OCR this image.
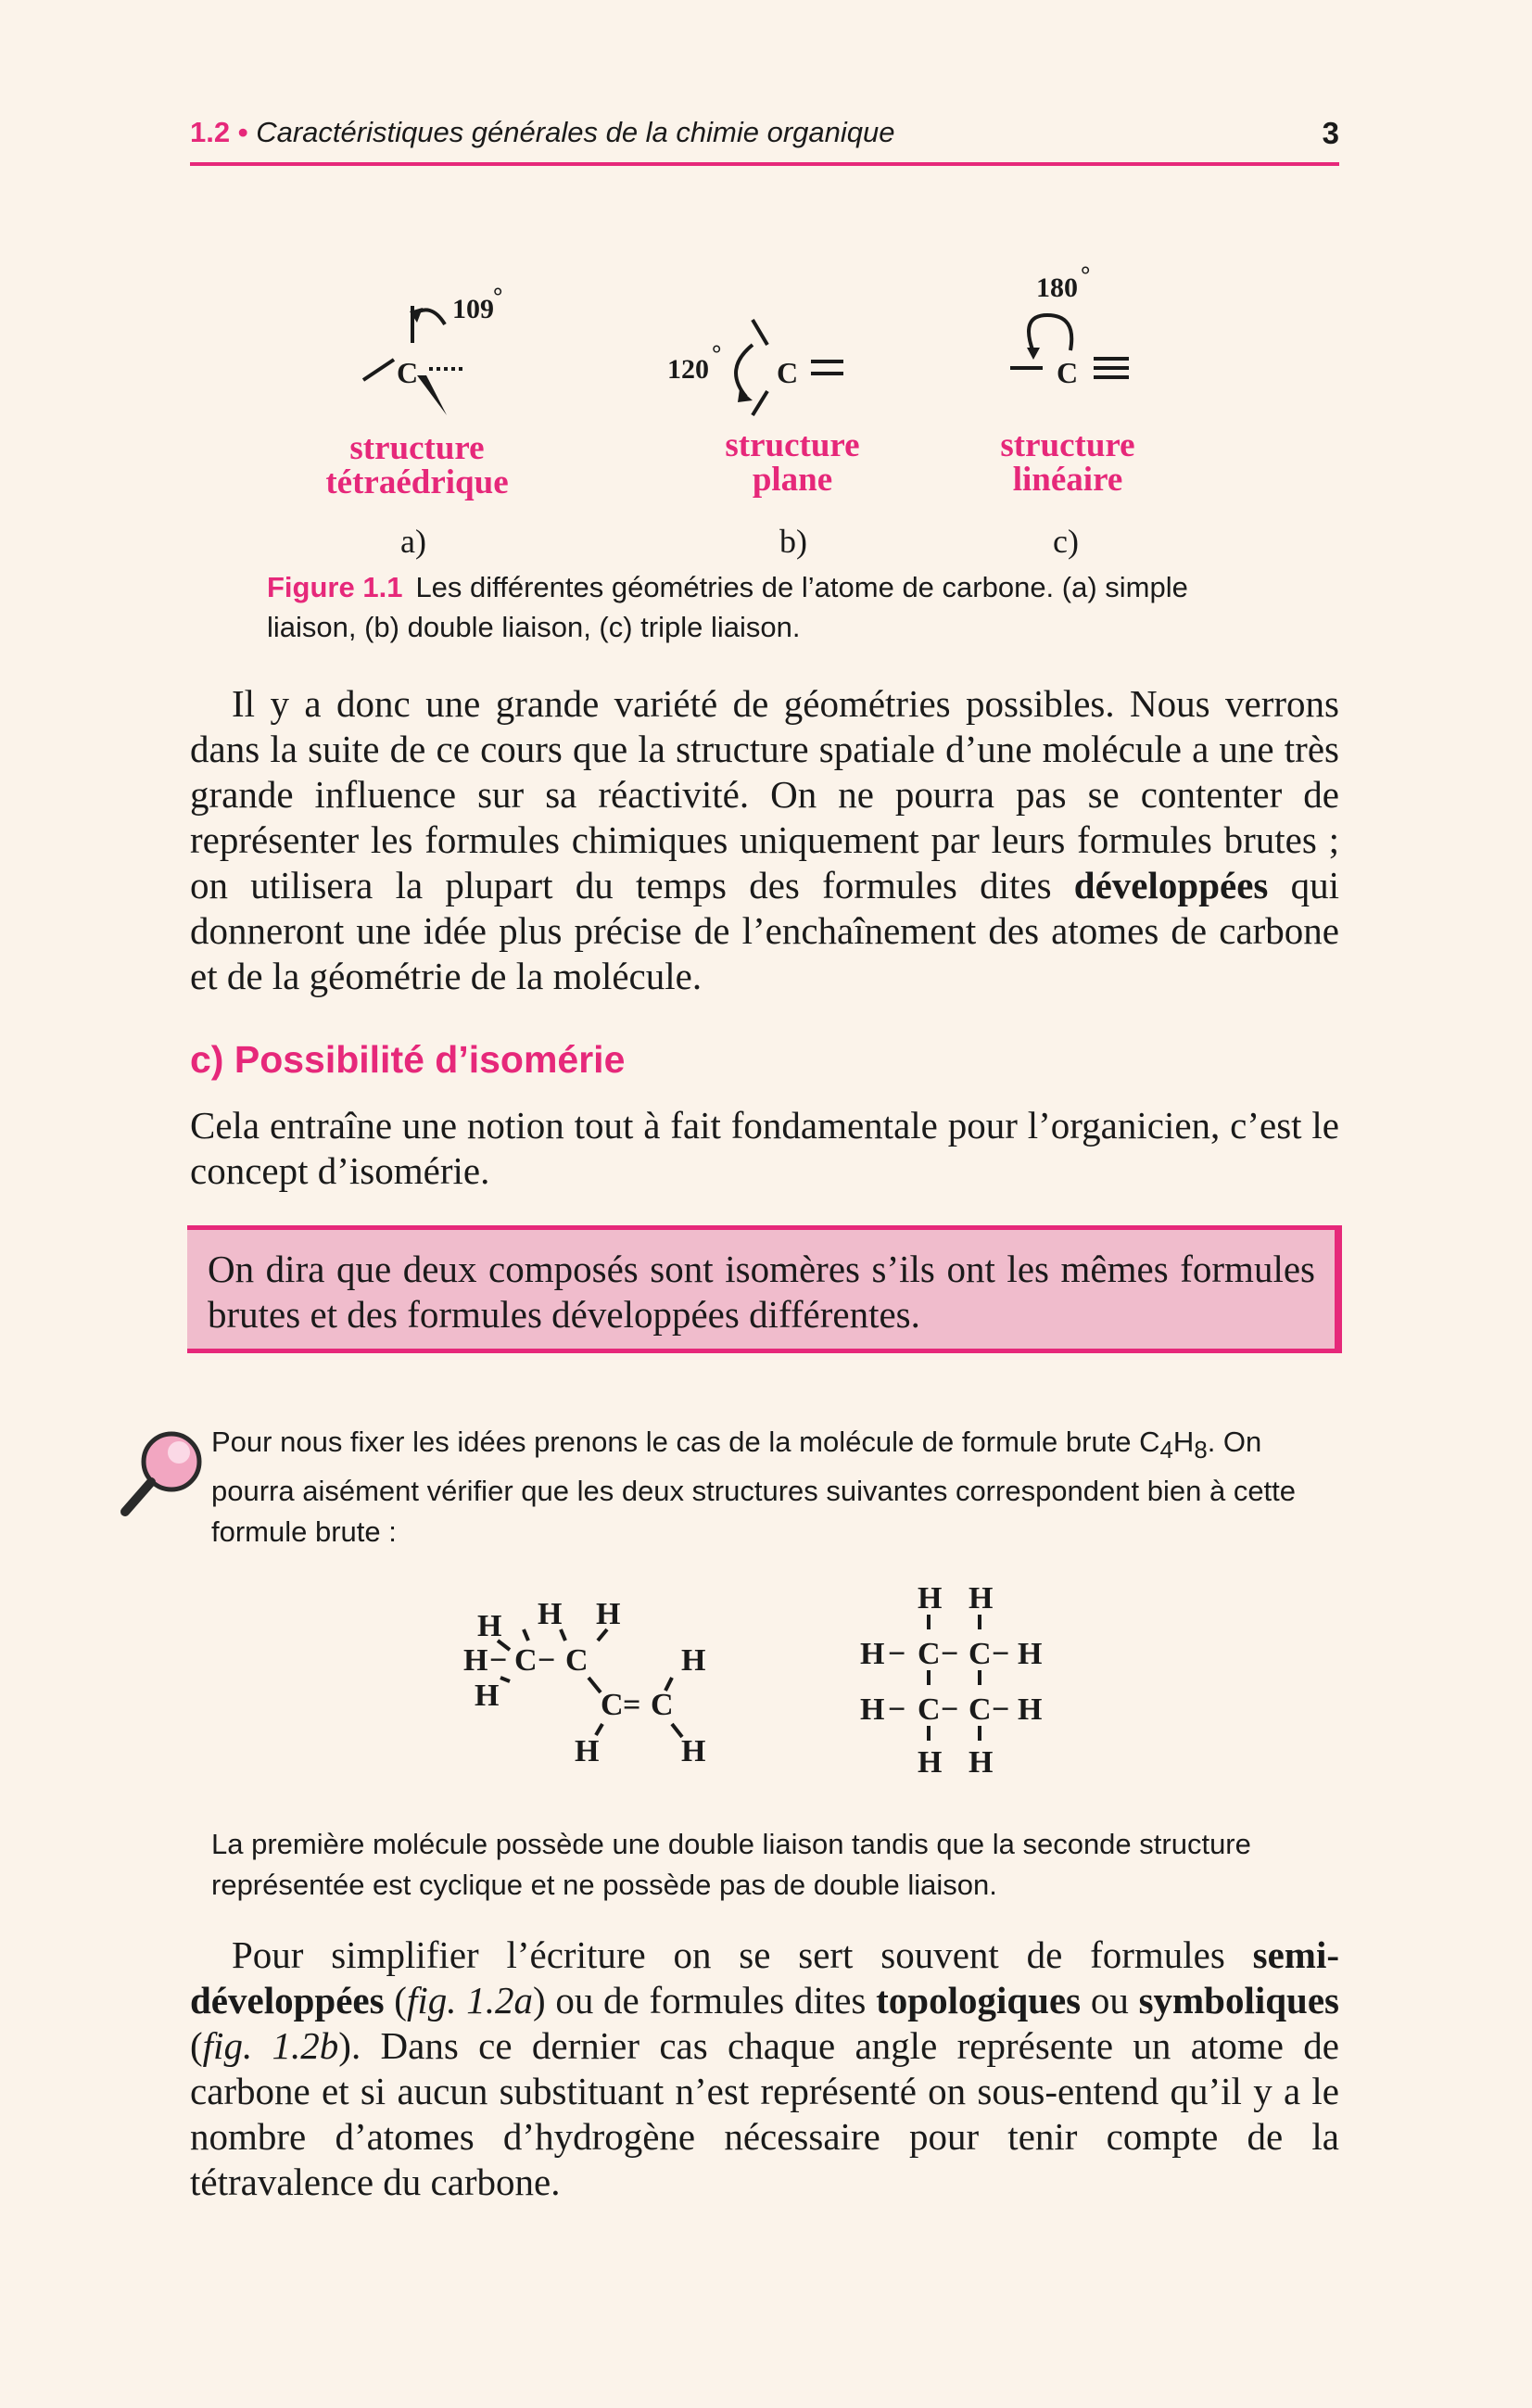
1.2 • Caractéristiques générales de la chimie organique	3
C
109 °
C
120
°
C
180 °
structure
tétraédrique
structure
plane
structure
linéaire
a)	b)	c)
Figure 1.1 Les différentes géométries de l’atome de carbone. (a) simple liaison, (b) double liaison, (c) triple liaison.
Il y a donc une grande variété de géométries possibles. Nous verrons dans la suite de ce cours que la structure spatiale d’une molécule a une très grande influence sur sa réactivité. On ne pourra pas se contenter de représenter les formules chimiques uniquement par leurs formules brutes ; on utilisera la plupart du temps des formules dites développées qui donneront une idée plus précise de l’enchaînement des atomes de carbone et de la géométrie de la molécule.
c) Possibilité d’isomérie
Cela entraîne une notion tout à fait fondamentale pour l’organicien, c’est le concept d’isomérie.
On dira que deux composés sont isomères s’ils ont les mêmes formules brutes et des formules développées différentes.
Pour nous fixer les idées prenons le cas de la molécule de formule brute $C_4H_8$. On pourra aisément vérifier que les deux structures suivantes correspondent bien à cette formule brute :
H H H
H − C − C	H
H	C = C
H	H
H H
H − C − C − H
H − C − C − H
H H
La première molécule possède une double liaison tandis que la seconde structure représentée est cyclique et ne possède pas de double liaison.
Pour simplifier l’écriture on se sert souvent de formules semi-développées (fig. 1.2a) ou de formules dites topologiques ou symboliques (fig. 1.2b). Dans ce dernier cas chaque angle représente un atome de carbone et si aucun substituant n’est représenté on sous-entend qu’il y a le nombre d’atomes d’hydrogène nécessaire pour tenir compte de la tétravalence du carbone.
